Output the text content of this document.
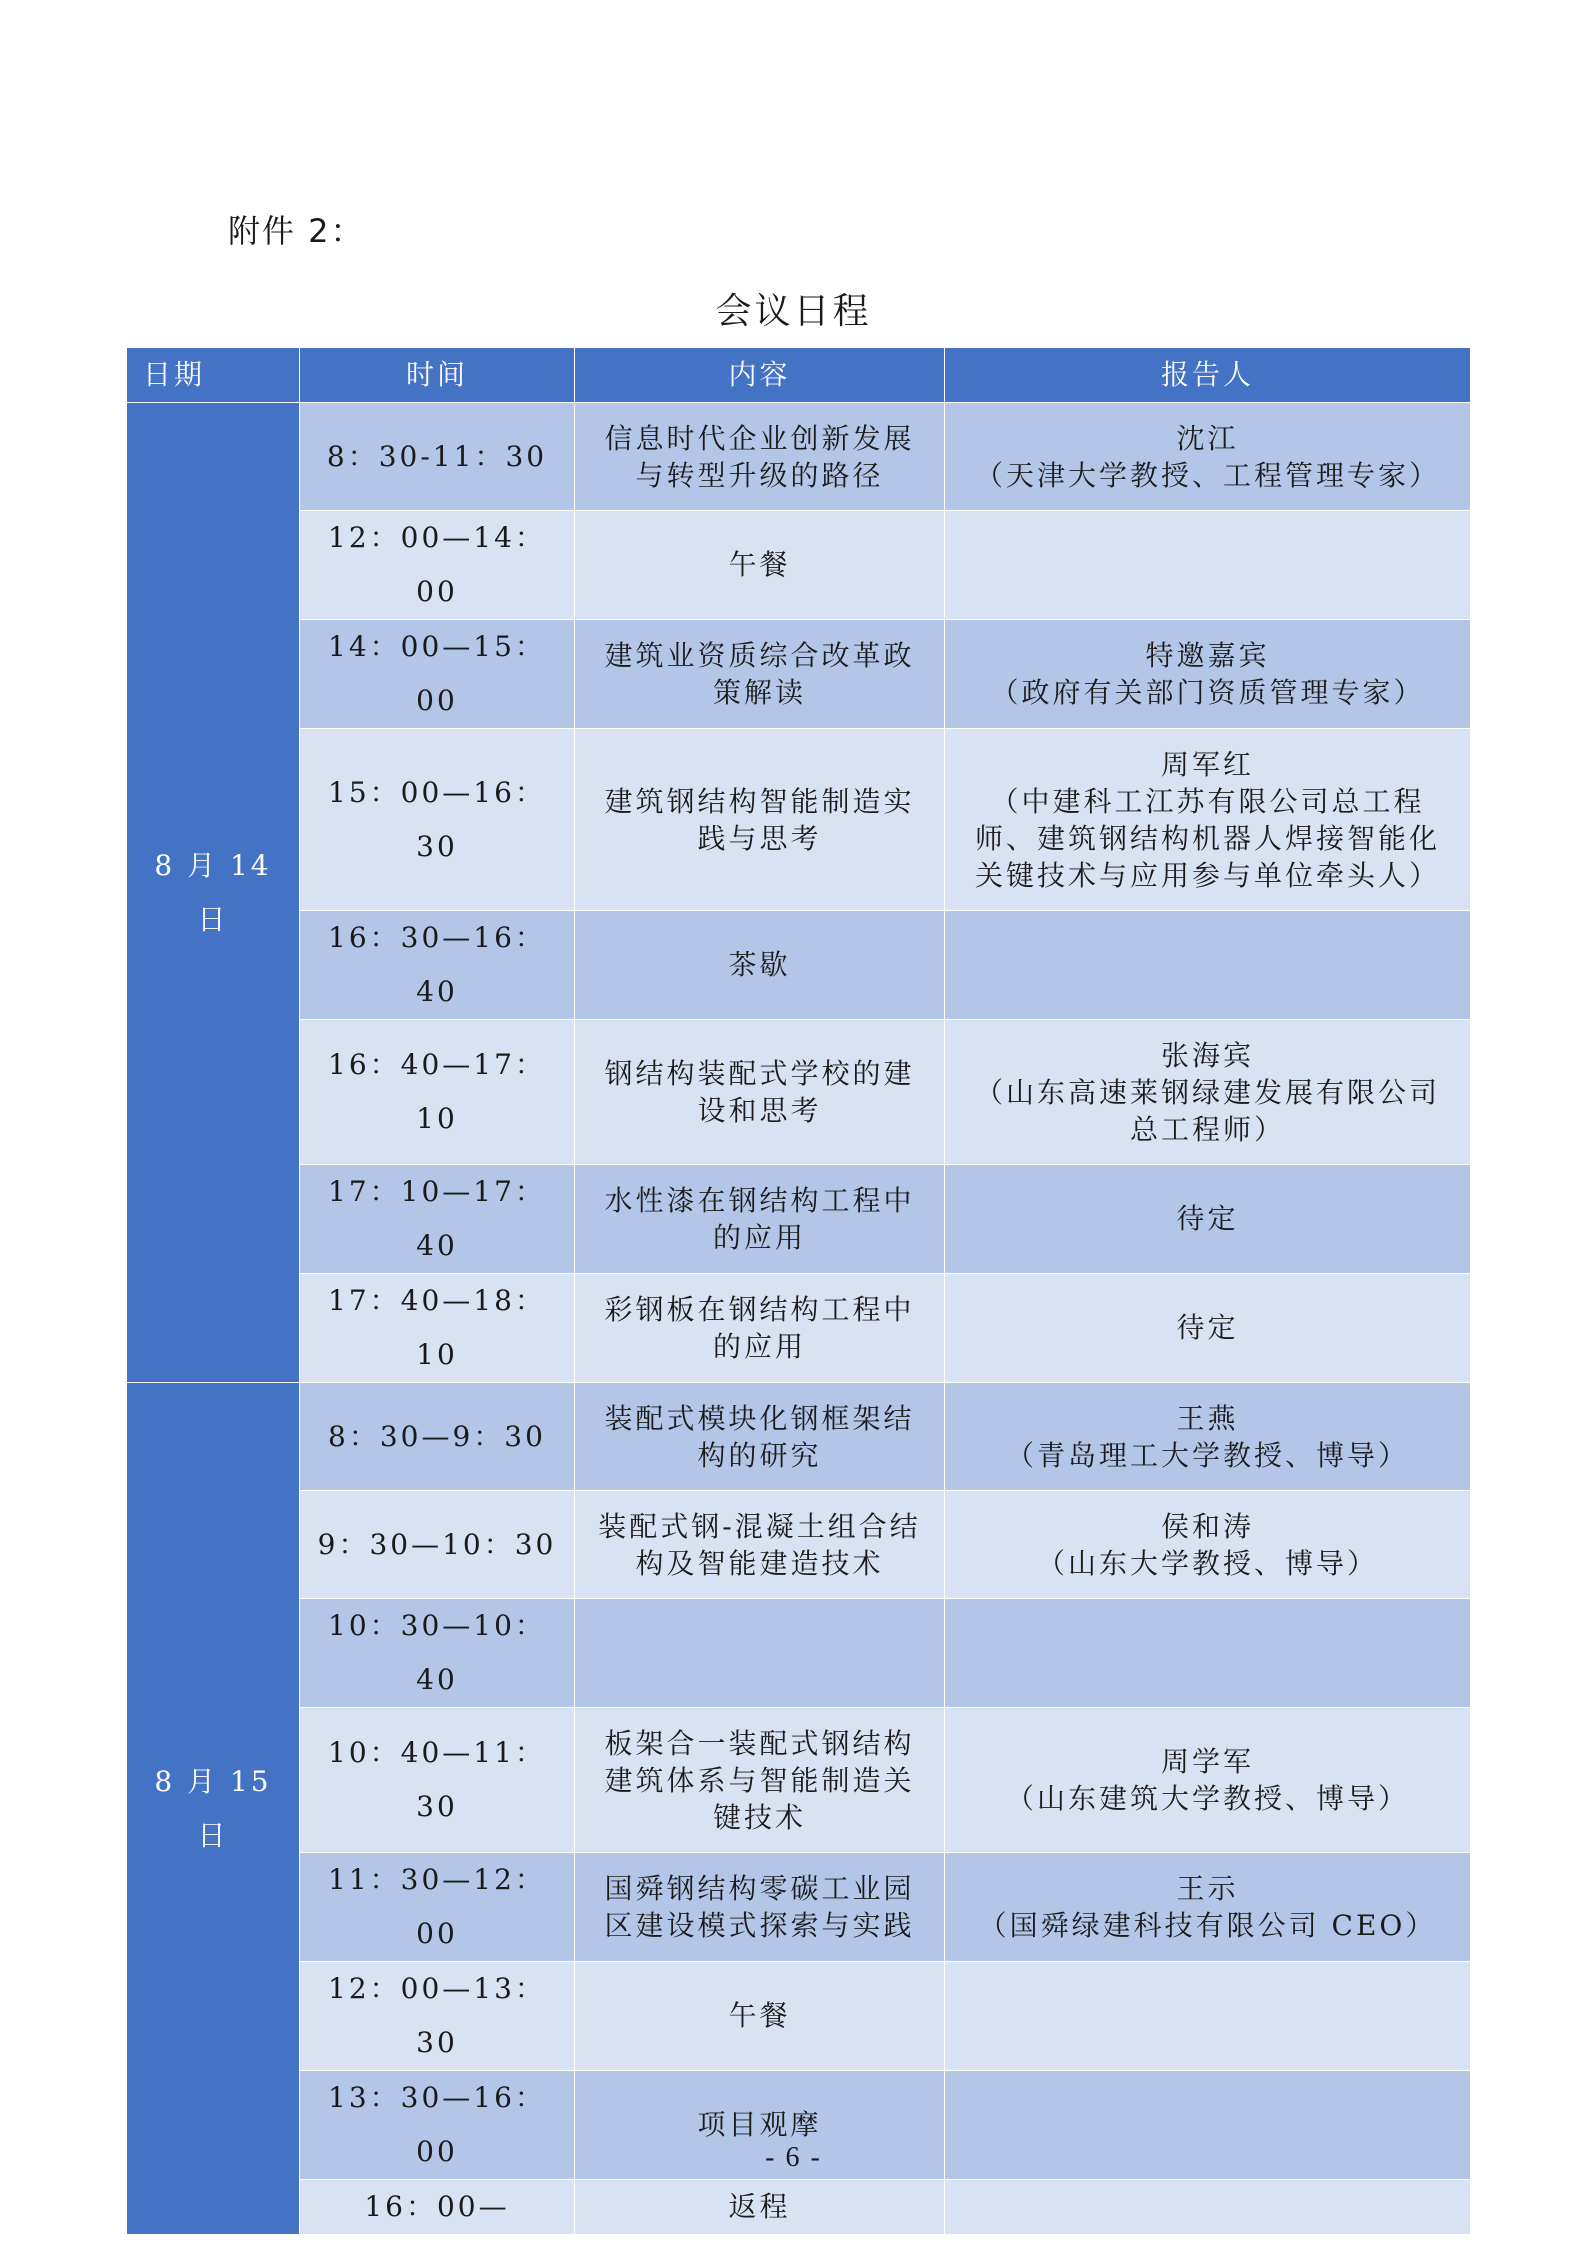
附件 2：
会议日程
日期	时间	内容	报告人
8 月 14 日	8：30-11：30	信息时代企业创新发展
与转型升级的路径	沈江
（天津大学教授、工程管理专家）

	12：00—14：00	午餐	

	14：00—15：00	建筑业资质综合改革政
策解读	特邀嘉宾
（政府有关部门资质管理专家）

	15：00—16：30	建筑钢结构智能制造实
践与思考	周军红
（中建科工江苏有限公司总工程
师、建筑钢结构机器人焊接智能化
关键技术与应用参与单位牵头人）

	16：30—16：40	茶歇	

	16：40—17：10	钢结构装配式学校的建
设和思考	张海宾
（山东高速莱钢绿建发展有限公司
总工程师）

	17：10—17：40	水性漆在钢结构工程中
的应用	待定

	17：40—18：10	彩钢板在钢结构工程中
的应用	待定

8 月 15 日	8：30—9：30	装配式模块化钢框架结
构的研究	王燕
（青岛理工大学教授、博导）

	9：30—10：30	装配式钢-混凝土组合结
构及智能建造技术	侯和涛
（山东大学教授、博导）

	10：30—10：40		
	10：40—11：30	板架合一装配式钢结构
建筑体系与智能制造关
键技术	周学军
（山东建筑大学教授、博导）

	11：30—12：00	国舜钢结构零碳工业园
区建设模式探索与实践	王示
（国舜绿建科技有限公司 CEO）

	12：00—13：30	午餐	

	13：30—16：00	项目观摩	

	16：00—	返程	

- 6 -
